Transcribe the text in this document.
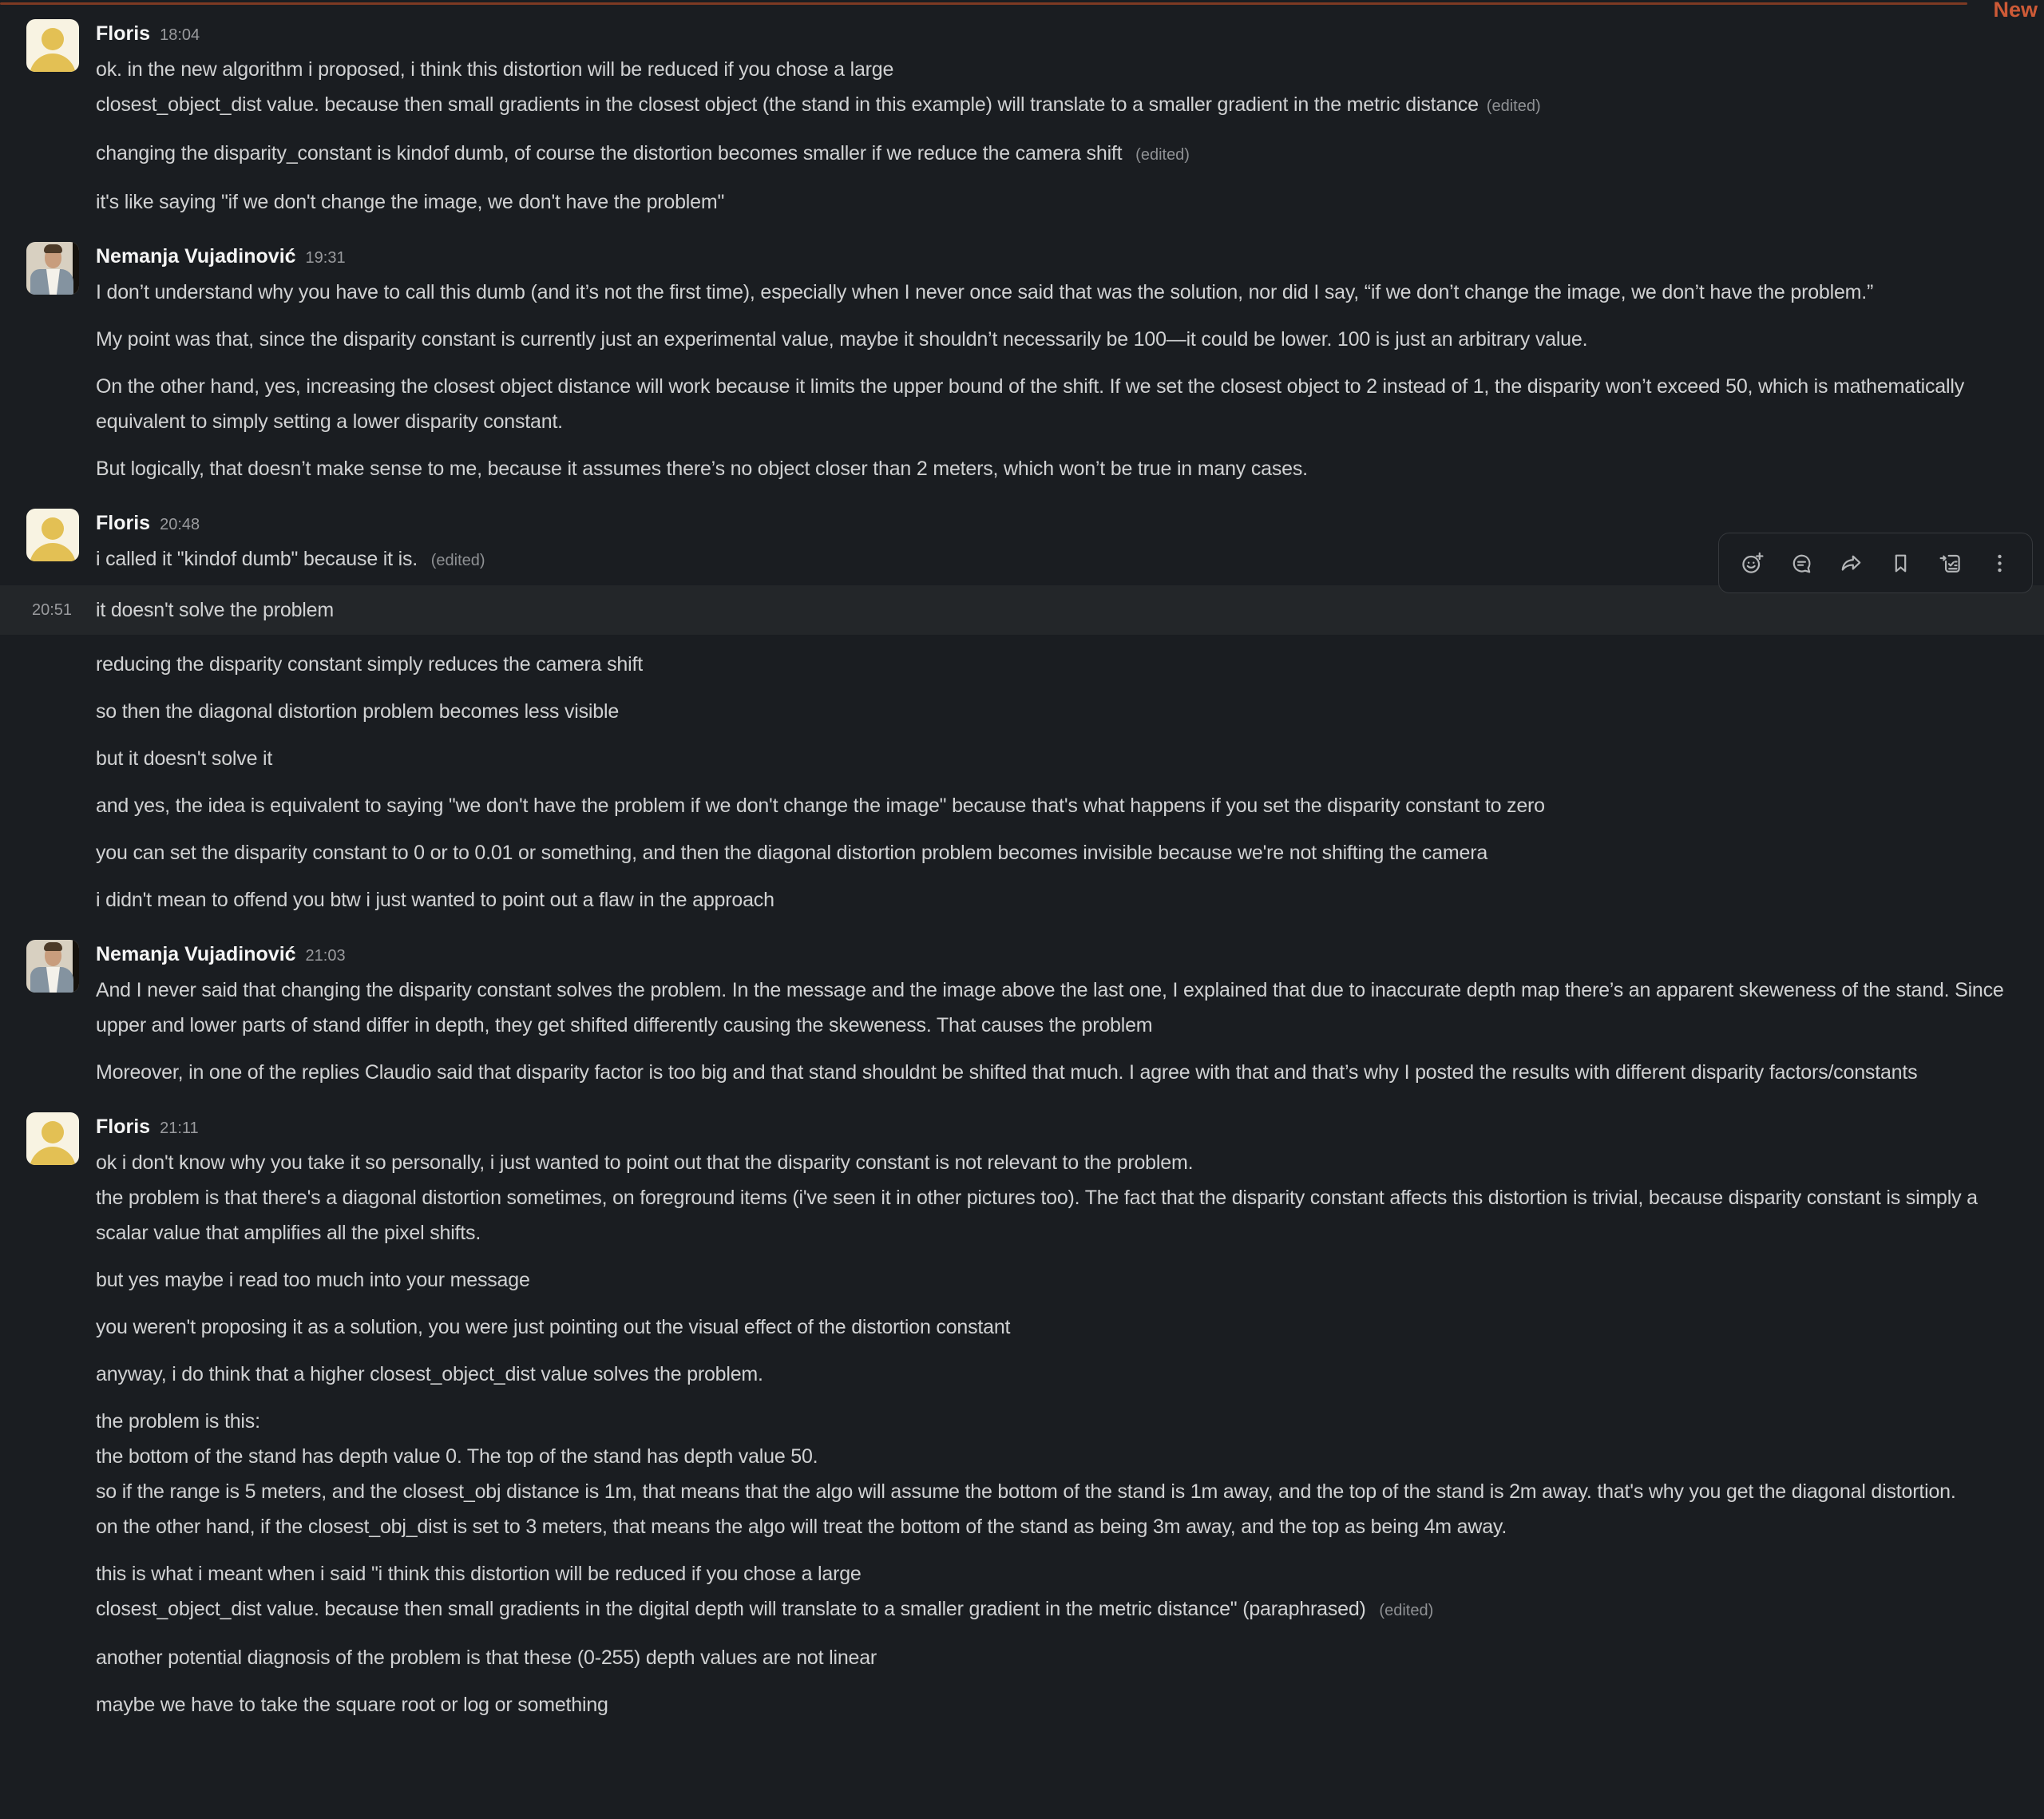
New
Floris 18:04
ok. in the new algorithm i proposed, i think this distortion will be reduced if you chose a large
closest_object_dist value. because then small gradients in the closest object (the stand in this example) will translate to a smaller gradient in the metric distance (edited)
changing the disparity_constant is kindof dumb, of course the distortion becomes smaller if we reduce the camera shift (edited)
it's like saying "if we don't change the image, we don't have the problem"
Nemanja Vujadinović 19:31
I don’t understand why you have to call this dumb (and it’s not the first time), especially when I never once said that was the solution, nor did I say, “if we don’t change the image, we don’t have the problem.”
My point was that, since the disparity constant is currently just an experimental value, maybe it shouldn’t necessarily be 100—it could be lower. 100 is just an arbitrary value.
On the other hand, yes, increasing the closest object distance will work because it limits the upper bound of the shift. If we set the closest object to 2 instead of 1, the disparity won’t exceed 50, which is mathematically equivalent to simply setting a lower disparity constant.
But logically, that doesn’t make sense to me, because it assumes there’s no object closer than 2 meters, which won’t be true in many cases.
Floris 20:48
i called it "kindof dumb" because it is. (edited)
20:51 it doesn't solve the problem
reducing the disparity constant simply reduces the camera shift
so then the diagonal distortion problem becomes less visible
but it doesn't solve it
and yes, the idea is equivalent to saying "we don't have the problem if we don't change the image" because that's what happens if you set the disparity constant to zero
you can set the disparity constant to 0 or to 0.01 or something, and then the diagonal distortion problem becomes invisible because we're not shifting the camera
i didn't mean to offend you btw i just wanted to point out a flaw in the approach
Nemanja Vujadinović 21:03
And I never said that changing the disparity constant solves the problem. In the message and the image above the last one, I explained that due to inaccurate depth map there’s an apparent skeweness of the stand. Since upper and lower parts of stand differ in depth, they get shifted differently causing the skeweness. That causes the problem
Moreover, in one of the replies Claudio said that disparity factor is too big and that stand shouldnt be shifted that much. I agree with that and that’s why I posted the results with different disparity factors/constants
Floris 21:11
ok i don't know why you take it so personally, i just wanted to point out that the disparity constant is not relevant to the problem.
the problem is that there's a diagonal distortion sometimes, on foreground items (i've seen it in other pictures too). The fact that the disparity constant affects this distortion is trivial, because disparity constant is simply a scalar value that amplifies all the pixel shifts.
but yes maybe i read too much into your message
you weren't proposing it as a solution, you were just pointing out the visual effect of the distortion constant
anyway, i do think that a higher closest_object_dist value solves the problem.
the problem is this:
the bottom of the stand has depth value 0. The top of the stand has depth value 50.
so if the range is 5 meters, and the closest_obj distance is 1m, that means that the algo will assume the bottom of the stand is 1m away, and the top of the stand is 2m away. that's why you get the diagonal distortion.
on the other hand, if the closest_obj_dist is set to 3 meters, that means the algo will treat the bottom of the stand as being 3m away, and the top as being 4m away.
this is what i meant when i said "i think this distortion will be reduced if you chose a large
closest_object_dist value. because then small gradients in the digital depth will translate to a smaller gradient in the metric distance" (paraphrased) (edited)
another potential diagnosis of the problem is that these (0-255) depth values are not linear
maybe we have to take the square root or log or something
